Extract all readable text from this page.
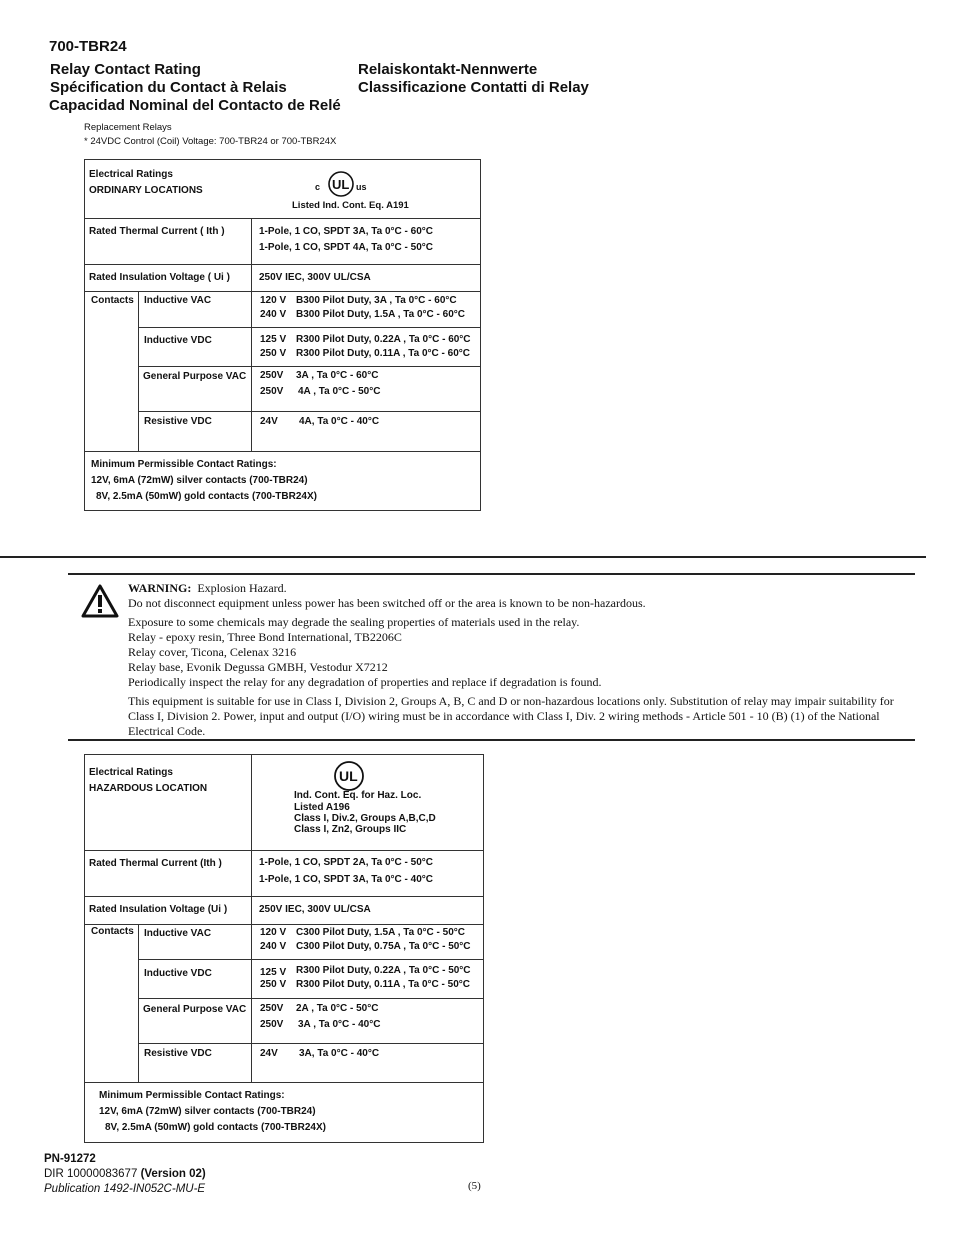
700-TBR24
Relay Contact Rating
Spécification du Contact à Relais
Capacidad Nominal del Contacto de Relé
Relaiskontakt-Nennwerte
Classificazione Contatti di Relay
Replacement Relays
* 24VDC Control (Coil) Voltage: 700-TBR24 or 700-TBR24X
Electrical Ratings
ORDINARY LOCATIONS	c UL us
Listed Ind. Cont. Eq. A191
Rated Thermal Current ( Ith )	1-Pole, 1 CO, SPDT 3A, Ta 0°C - 60°C
1-Pole, 1 CO, SPDT 4A, Ta 0°C - 50°C
Rated Insulation Voltage ( Ui )	250V IEC, 300V UL/CSA
Contacts Inductive VAC	120 V B300 Pilot Duty, 3A , Ta 0°C - 60°C
240 V B300 Pilot Duty, 1.5A , Ta 0°C - 60°C
Inductive VDC	125 V R300 Pilot Duty, 0.22A , Ta 0°C - 60°C
250 V R300 Pilot Duty, 0.11A , Ta 0°C - 60°C
General Purpose VAC 250V 3A , Ta 0°C - 60°C
250V 4A , Ta 0°C - 50°C
Resistive VDC	24V 4A, Ta 0°C - 40°C
Minimum Permissible Contact Ratings:
12V, 6mA (72mW) silver contacts (700-TBR24)
8V, 2.5mA (50mW) gold contacts (700-TBR24X)

WARNING: Explosion Hazard.

Do not disconnect equipment unless power has been switched off or the area is known to be non-hazardous.

Exposure to some chemicals may degrade the sealing properties of materials used in the relay.

Relay - epoxy resin, Three Bond International, TB2206C

Relay cover, Ticona, Celenax 3216

Relay base, Evonik Degussa GMBH, Vestodur X7212

Periodically inspect the relay for any degradation of properties and replace if degradation is found.

This equipment is suitable for use in Class I, Division 2, Groups A, B, C and D or non-hazardous locations only. Substitution of relay may impair suitability for Class I, Division 2. Power, input and output (I/O) wiring must be in accordance with Class I, Div. 2 wiring methods - Article 501 - 10 (B) (1) of the National Electrical Code.

Electrical Ratings
HAZARDOUS LOCATION
UL
Ind. Cont. Eq. for Haz. Loc.
Listed A196
Class I, Div.2, Groups A,B,C,D
Class I, Zn2, Groups IIC
Rated Thermal Current (Ith )	1-Pole, 1 CO, SPDT 2A, Ta 0°C - 50°C
1-Pole, 1 CO, SPDT 3A, Ta 0°C - 40°C
Rated Insulation Voltage (Ui )	250V IEC, 300V UL/CSA
Contacts Inductive VAC	120 V C300 Pilot Duty, 1.5A , Ta 0°C - 50°C
240 V C300 Pilot Duty, 0.75A , Ta 0°C - 50°C
Inductive VDC	125 V R300 Pilot Duty, 0.22A , Ta 0°C - 50°C
250 V R300 Pilot Duty, 0.11A , Ta 0°C - 50°C
General Purpose VAC 250V 2A , Ta 0°C - 50°C
250V 3A , Ta 0°C - 40°C
Resistive VDC	24V 3A, Ta 0°C - 40°C
Minimum Permissible Contact Ratings:
12V, 6mA (72mW) silver contacts (700-TBR24)
8V, 2.5mA (50mW) gold contacts (700-TBR24X)
PN-91272
DIR 10000083677 (Version 02)
Publication 1492-IN052C-MU-E	(5)
